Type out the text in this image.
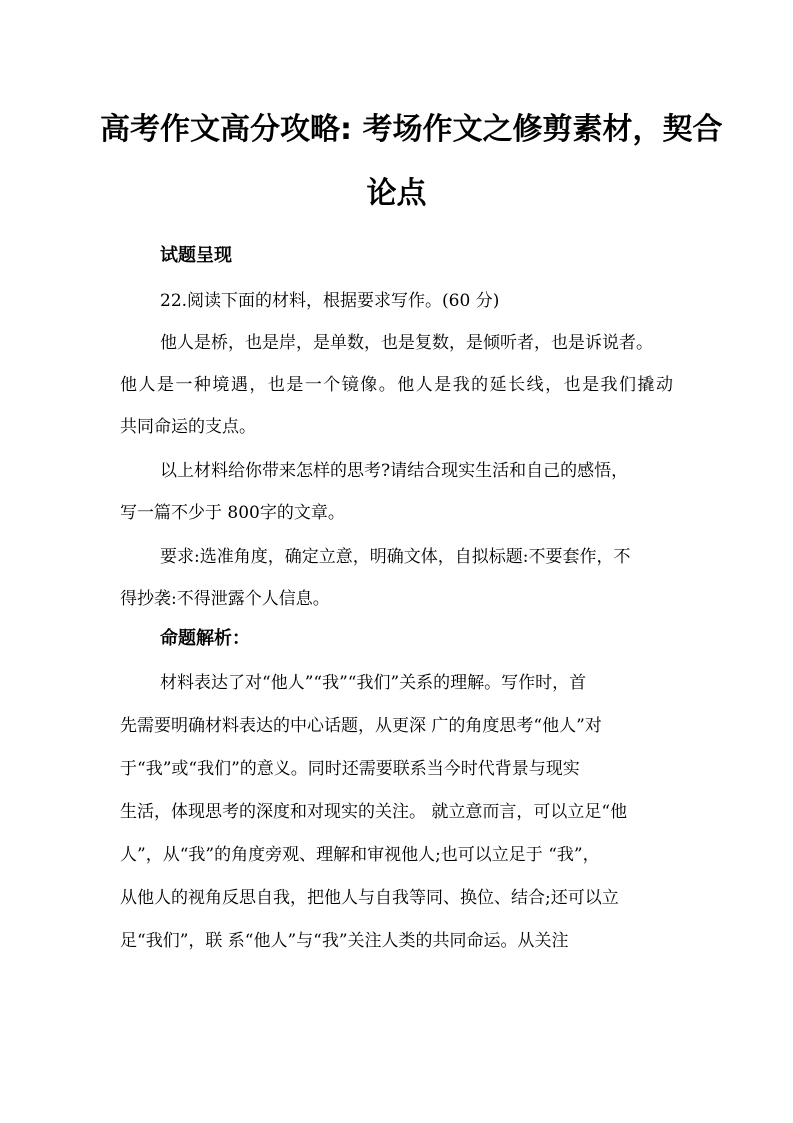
高考作文高分攻略: 考场作文之修剪素材，契合
论点
试题呈现
22.阅读下面的材料，根据要求写作。(60 分)
他人是桥，也是岸，是单数，也是复数，是倾听者，也是诉说者。
他人是一种境遇，也是一个镜像。他人是我的延长线，也是我们撬动
共同命运的支点。
以上材料给你带来怎样的思考?请结合现实生活和自己的感悟，
写一篇不少于 800字的文章。
要求:选准角度，确定立意，明确文体，自拟标题:不要套作，不
得抄袭:不得泄露个人信息。
命题解析：
材料表达了对“他人”“我”“我们”关系的理解。写作时，首
先需要明确材料表达的中心话题，从更深 广的角度思考“他人”对
于“我”或“我们”的意义。同时还需要联系当今时代背景与现实
生活，体现思考的深度和对现实的关注。 就立意而言，可以立足“他
人”，从“我”的角度旁观、理解和审视他人;也可以立足于 “我”，
从他人的视角反思自我，把他人与自我等同、换位、结合;还可以立
足“我们”，联 系“他人”与“我”关注人类的共同命运。从关注
